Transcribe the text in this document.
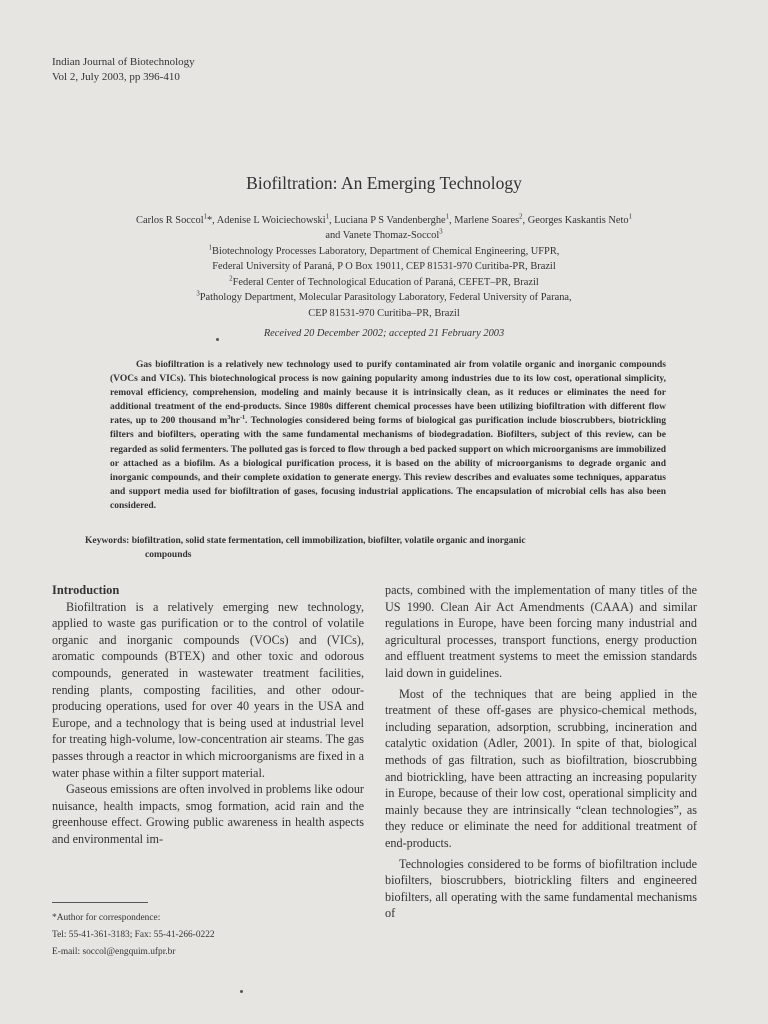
Indian Journal of Biotechnology
Vol 2, July 2003, pp 396-410
Biofiltration: An Emerging Technology
Carlos R Soccol$^1$*, Adenise L Woiciechowski$^1$, Luciana P S Vandenberghe$^1$, Marlene Soares$^2$, Georges Kaskantis Neto$^1$
and Vanete Thomaz-Soccol$^3$
$^1$Biotechnology Processes Laboratory, Department of Chemical Engineering, UFPR,
Federal University of Paraná, P O Box 19011, CEP 81531-970 Curitiba-PR, Brazil
$^2$Federal Center of Technological Education of Paraná, CEFET–PR, Brazil
$^3$Pathology Department, Molecular Parasitology Laboratory, Federal University of Parana,
CEP 81531-970 Curitiba–PR, Brazil
Received 20 December 2002; accepted 21 February 2003
Gas biofiltration is a relatively new technology used to purify contaminated air from volatile organic and inorganic compounds (VOCs and VICs). This biotechnological process is now gaining popularity among industries due to its low cost, operational simplicity, removal efficiency, comprehension, modeling and mainly because it is intrinsically clean, as it reduces or eliminates the need for additional treatment of the end-products. Since 1980s different chemical processes have been utilizing biofiltration with different flow rates, up to 200 thousand $m^3hr^{-1}$. Technologies considered being forms of biological gas purification include bioscrubbers, biotrickling filters and biofilters, operating with the same fundamental mechanisms of biodegradation. Biofilters, subject of this review, can be regarded as solid fermenters. The polluted gas is forced to flow through a bed packed support on which microorganisms are immobilized or attached as a biofilm. As a biological purification process, it is based on the ability of microorganisms to degrade organic and inorganic compounds, and their complete oxidation to generate energy. This review describes and evaluates some techniques, apparatus and support media used for biofiltration of gases, focusing industrial applications. The encapsulation of microbial cells has also been considered.
Keywords: biofiltration, solid state fermentation, cell immobilization, biofilter, volatile organic and inorganic
compounds

Introduction

Biofiltration is a relatively emerging new technology, applied to waste gas purification or to the control of volatile organic and inorganic compounds (VOCs) and (VICs), aromatic compounds (BTEX) and other toxic and odorous compounds, generated in wastewater treatment facilities, rending plants, composting facilities, and other odour-producing operations, used for over 40 years in the USA and Europe, and a technology that is being used at industrial level for treating high-volume, low-concentration air steams. The gas passes through a reactor in which microorganisms are fixed in a water phase within a filter support material.

Gaseous emissions are often involved in problems like odour nuisance, health impacts, smog formation, acid rain and the greenhouse effect. Growing public awareness in health aspects and environmental im-

pacts, combined with the implementation of many titles of the US 1990. Clean Air Act Amendments (CAAA) and similar regulations in Europe, have been forcing many industrial and agricultural processes, transport functions, energy production and effluent treatment systems to meet the emission standards laid down in guidelines.

Most of the techniques that are being applied in the treatment of these off-gases are physico-chemical methods, including separation, adsorption, scrubbing, incineration and catalytic oxidation (Adler, 2001). In spite of that, biological methods of gas filtration, such as biofiltration, bioscrubbing and biotrickling, have been attracting an increasing popularity in Europe, because of their low cost, operational simplicity and mainly because they are intrinsically “clean technologies”, as they reduce or eliminate the need for additional treatment of end-products.

Technologies considered to be forms of biofiltration include biofilters, bioscrubbers, biotrickling filters and engineered biofilters, all operating with the same fundamental mechanisms of

*Author for correspondence:
Tel: 55-41-361-3183; Fax: 55-41-266-0222
E-mail: soccol@engquim.ufpr.br
